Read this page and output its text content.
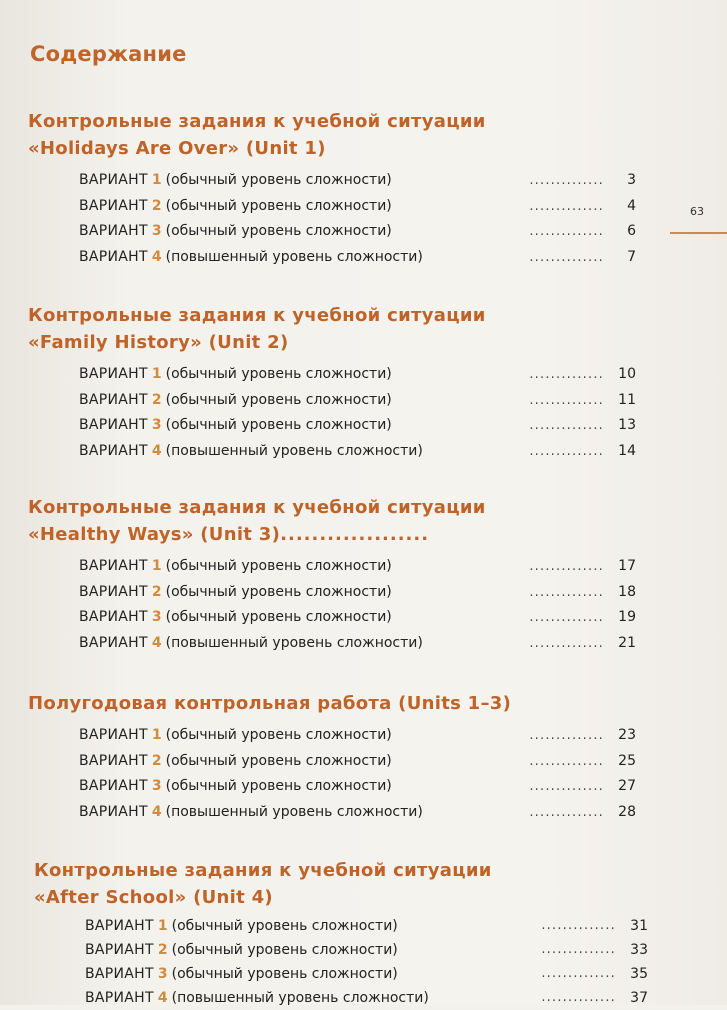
63
Содержание
Контрольные задания к учебной ситуации
«Holidays Are Over» (Unit 1)
ВАРИАНТ 1 (обычный уровень сложности)	..............	3
ВАРИАНТ 2 (обычный уровень сложности)	..............	4
ВАРИАНТ 3 (обычный уровень сложности)	..............	6
ВАРИАНТ 4 (повышенный уровень сложности)	..............	7
Контрольные задания к учебной ситуации
«Family History» (Unit 2)
ВАРИАНТ 1 (обычный уровень сложности)	..............	10
ВАРИАНТ 2 (обычный уровень сложности)	..............	11
ВАРИАНТ 3 (обычный уровень сложности)	..............	13
ВАРИАНТ 4 (повышенный уровень сложности)	..............	14
Контрольные задания к учебной ситуации
«Healthy Ways» (Unit 3)...................
ВАРИАНТ 1 (обычный уровень сложности)	..............	17
ВАРИАНТ 2 (обычный уровень сложности)	..............	18
ВАРИАНТ 3 (обычный уровень сложности)	..............	19
ВАРИАНТ 4 (повышенный уровень сложности)	..............	21
Полугодовая контрольная работа (Units 1–3)
ВАРИАНТ 1 (обычный уровень сложности)	..............	23
ВАРИАНТ 2 (обычный уровень сложности)	..............	25
ВАРИАНТ 3 (обычный уровень сложности)	..............	27
ВАРИАНТ 4 (повышенный уровень сложности)	..............	28
Контрольные задания к учебной ситуации
«After School» (Unit 4)
ВАРИАНТ 1 (обычный уровень сложности)	..............	31
ВАРИАНТ 2 (обычный уровень сложности)	..............	33
ВАРИАНТ 3 (обычный уровень сложности)	..............	35
ВАРИАНТ 4 (повышенный уровень сложности)	..............	37
